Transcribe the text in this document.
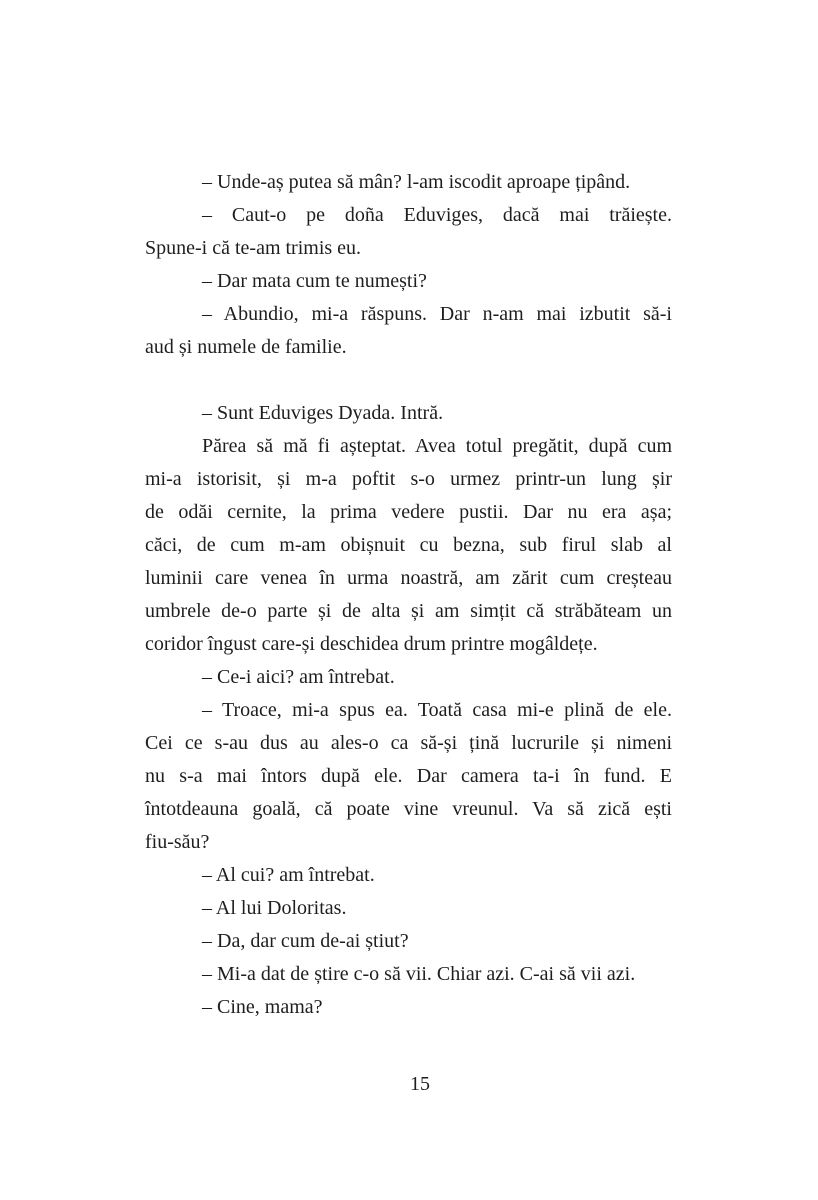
– Unde-aș putea să mân? l-am iscodit aproape țipând.
– Caut-o pe doña Eduviges, dacă mai trăiește.
Spune-i că te-am trimis eu.
– Dar mata cum te numești?
– Abundio, mi-a răspuns. Dar n-am mai izbutit să-i
aud și numele de familie.
– Sunt Eduviges Dyada. Intră.
Părea să mă fi așteptat. Avea totul pregătit, după cum
mi-a istorisit, și m-a poftit s-o urmez printr-un lung șir
de odăi cernite, la prima vedere pustii. Dar nu era așa;
căci, de cum m-am obișnuit cu bezna, sub firul slab al
luminii care venea în urma noastră, am zărit cum creșteau
umbrele de-o parte și de alta și am simțit că străbăteam un
coridor îngust care-și deschidea drum printre mogâldețe.
– Ce-i aici? am întrebat.
– Troace, mi-a spus ea. Toată casa mi-e plină de ele.
Cei ce s-au dus au ales-o ca să-și țină lucrurile și nimeni
nu s-a mai întors după ele. Dar camera ta-i în fund. E
întotdeauna goală, că poate vine vreunul. Va să zică ești
fiu-său?
– Al cui? am întrebat.
– Al lui Doloritas.
– Da, dar cum de-ai știut?
– Mi-a dat de știre c-o să vii. Chiar azi. C-ai să vii azi.
– Cine, mama?
15
